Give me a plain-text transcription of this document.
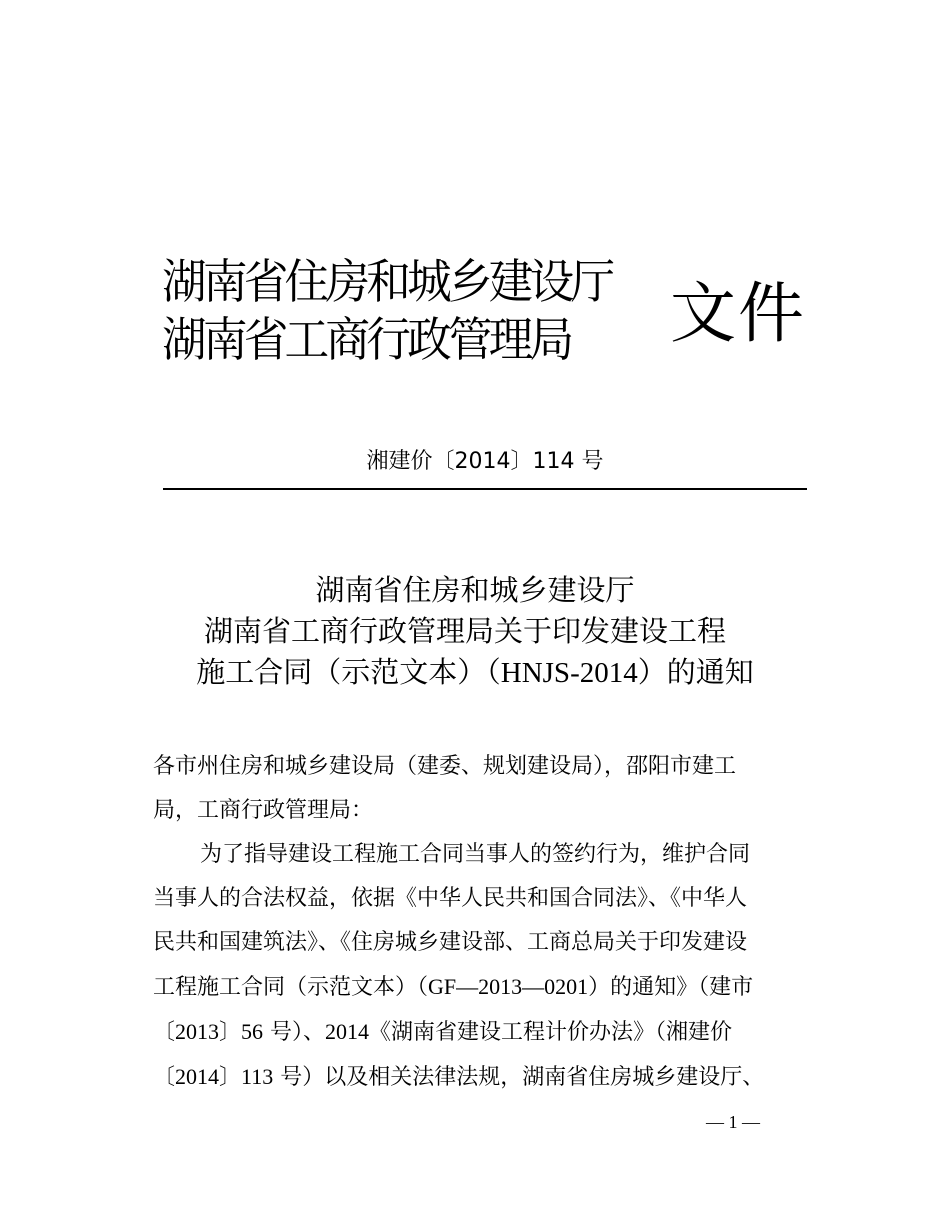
湖南省住房和城乡建设厅
湖南省工商行政管理局 文件
湘建价〔2014〕114 号
湖南省住房和城乡建设厅
湖南省工商行政管理局关于印发建设工程
施工合同（示范文本）（HNJS-2014）的通知
各市州住房和城乡建设局（建委、规划建设局），邵阳市建工
局，工商行政管理局：
为了指导建设工程施工合同当事人的签约行为，维护合同
当事人的合法权益，依据《中华人民共和国合同法》、《中华人
民共和国建筑法》、《住房城乡建设部、工商总局关于印发建设
工程施工合同（示范文本）（GF—2013—0201）的通知》（建市
〔2013〕56 号）、2014《湖南省建设工程计价办法》（湘建价
〔2014〕113 号）以及相关法律法规，湖南省住房城乡建设厅、
— 1 —
